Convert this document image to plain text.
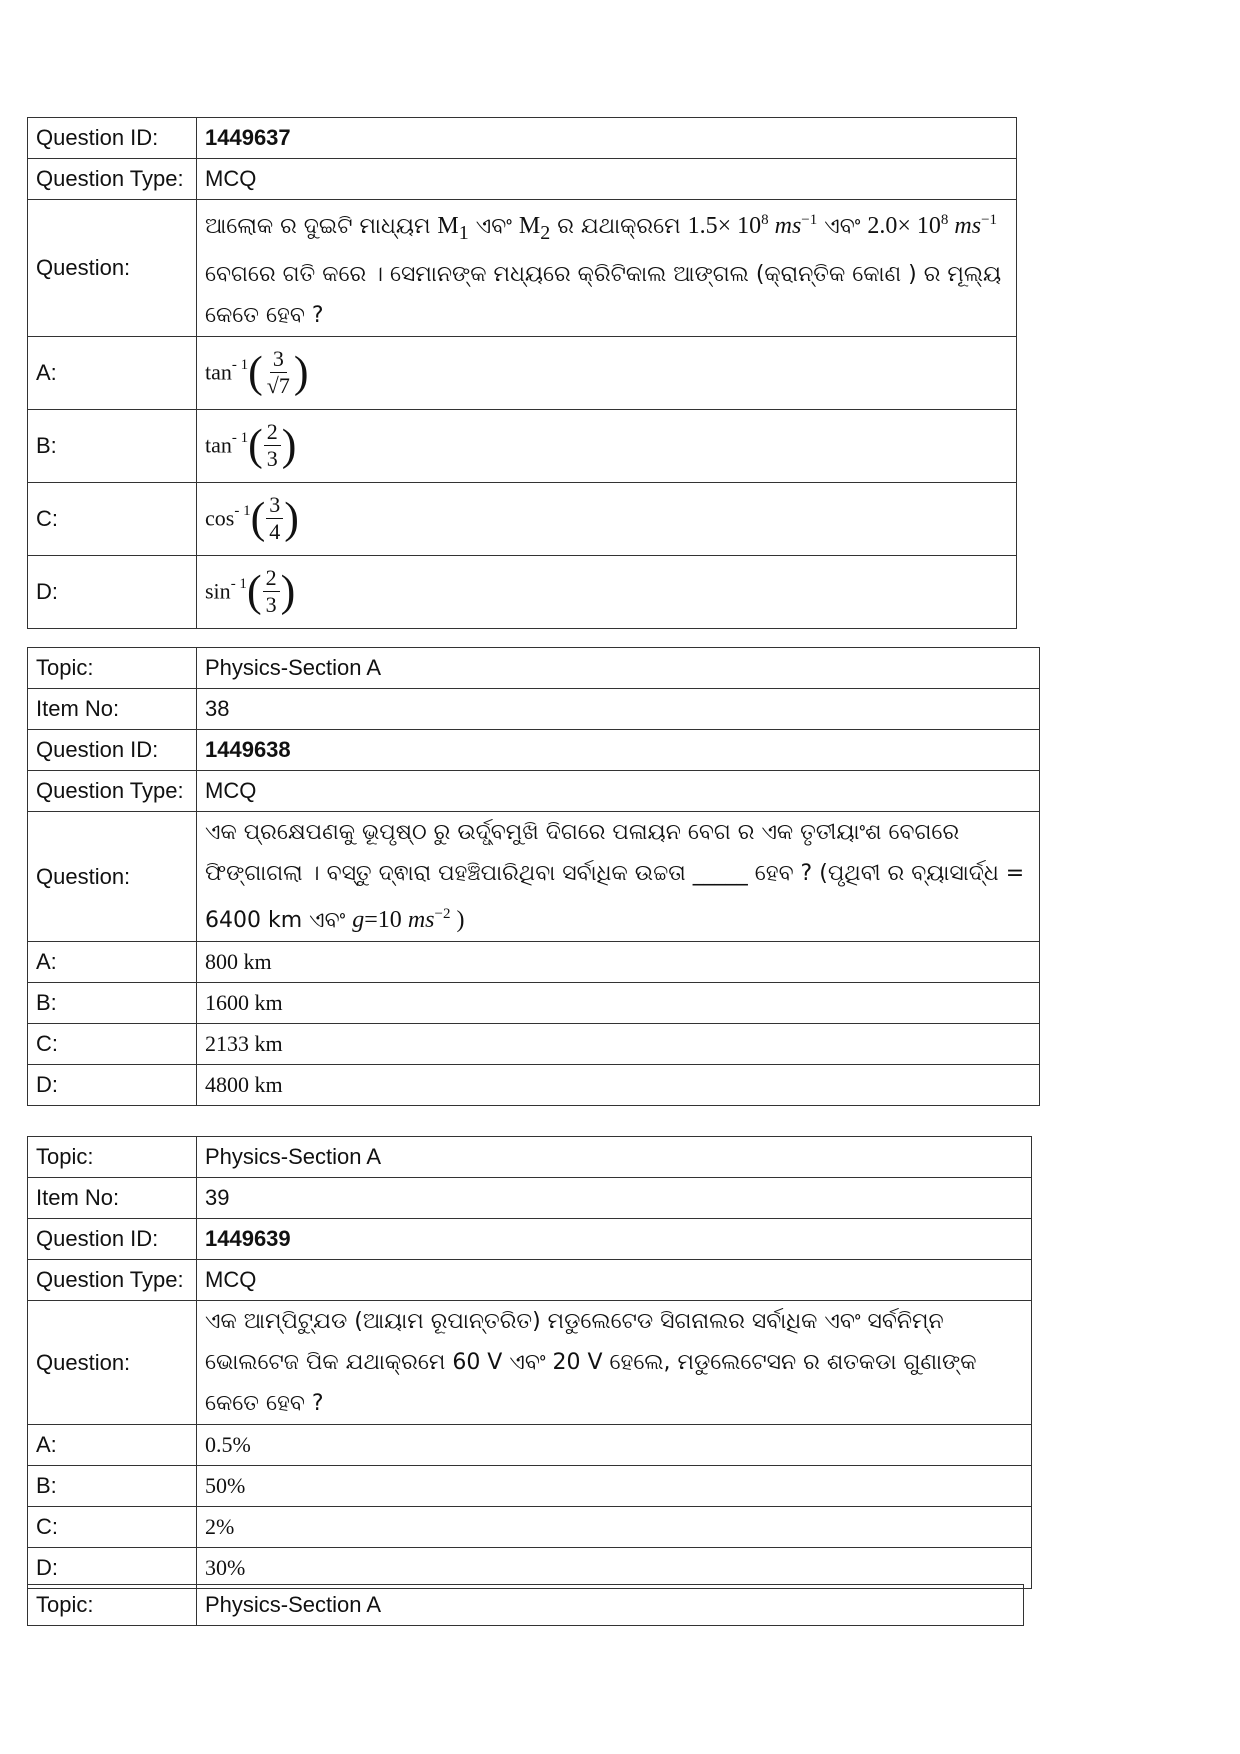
Question ID:	1449637
Question Type:	MCQ
Question:	ଆଲୋକ ର ଦୁଇଟି ମାଧ୍ୟମ $M_1$ ଏବଂ $M_2$ ର ଯଥାକ୍ରମେ $1.5\times 10^8$ $ms^{-1}$ ଏବଂ $2.0\times 10^8$ $ms^{-1}$ ବେଗରେ ଗତି କରେ । ସେମାନଙ୍କ ମଧ୍ୟରେ କ୍ରିଟିକାଲ ଆଙ୍ଗଲ (କ୍ରାନ୍ତିକ କୋଣ ) ର ମୂଲ୍ୟ କେତେ ହେବ ?
A:	$\tan^{- 1}( \frac{3}{√7}$ )
B:	$\tan^{- 1}( \frac{2}{3}$ )
C:	$\cos^{- 1}( \frac{3}{4}$ )
D:	$\sin^{- 1}( \frac{2}{3}$ )
Topic:	Physics-Section A
Item No:	38
Question ID:	1449638
Question Type:	MCQ
Question:	ଏକ ପ୍ରକ୍ଷେପଣକୁ ଭୂପୃଷ୍ଠ ରୁ ଉର୍ଦ୍ଧ୍ବମୁଖି ଦିଗରେ ପଳାୟନ ବେଗ ର ଏକ ତୃତୀୟାଂଶ ବେଗରେ ଫିଙ୍ଗାଗଲା । ବସ୍ତୁ ଦ୍ଵାରା ପହଞ୍ଚିପାରିଥିବା ସର୍ବାଧିକ ଉଚ୍ଚତା _____ ହେବ ? (ପୃଥିବୀ ର ବ୍ୟାସାର୍ଦ୍ଧ = 6400 km ଏବଂ g=10 $ms^{-2}$ )
A:	800 km
B:	1600 km
C:	2133 km
D:	4800 km
Topic:	Physics-Section A
Item No:	39
Question ID:	1449639
Question Type:	MCQ
Question:	ଏକ ଆମ୍ପିଟ୍ଯୁଡ (ଆୟାମ ରୂପାନ୍ତରିତ) ମଡୁଲେଟେଡ ସିଗନାଲର ସର୍ବାଧିକ ଏବଂ ସର୍ବନିମ୍ନ ଭୋଲଟେଜ ପିକ ଯଥାକ୍ରମେ 60 V ଏବଂ 20 V ହେଲେ, ମଡୁଲେଟେସନ ର ଶତକଡା ଗୁଣାଙ୍କ କେତେ ହେବ ?
A:	0.5%
B:	50%
C:	2%
D:	30%
Topic:	Physics-Section A
